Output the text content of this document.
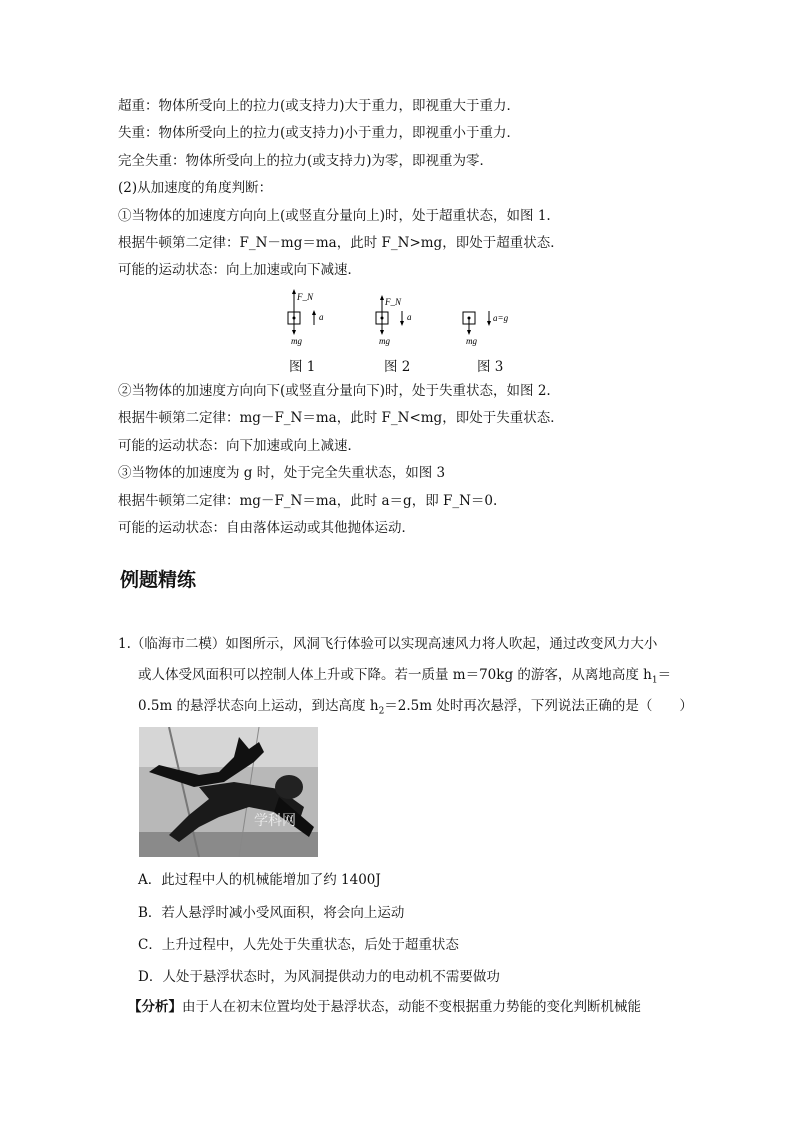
超重：物体所受向上的拉力(或支持力)大于重力，即视重大于重力．
失重：物体所受向上的拉力(或支持力)小于重力，即视重小于重力．
完全失重：物体所受向上的拉力(或支持力)为零，即视重为零．
(2)从加速度的角度判断：
①当物体的加速度方向向上(或竖直分量向上)时，处于超重状态，如图 1.
根据牛顿第二定律：F_N－mg＝ma，此时 F_N>mg，即处于超重状态．
可能的运动状态：向上加速或向下减速．
F_N
a
mg
F_N
a
mg
a=g
mg
图 1	图 2	图 3
②当物体的加速度方向向下(或竖直分量向下)时，处于失重状态，如图 2.
根据牛顿第二定律：mg－F_N＝ma，此时 F_N<mg，即处于失重状态．
可能的运动状态：向下加速或向上减速．
③当物体的加速度为 g 时，处于完全失重状态，如图 3
根据牛顿第二定律：mg－F_N＝ma，此时 a＝g，即 F_N＝0.
可能的运动状态：自由落体运动或其他抛体运动．
例题精练
1.（临海市二模）如图所示，风洞飞行体验可以实现高速风力将人吹起，通过改变风力大小
或人体受风面积可以控制人体上升或下降。若一质量 m＝70kg 的游客，从离地高度 $h_1=$
0.5m 的悬浮状态向上运动，到达高度 $h_2=2.5m$ 处时再次悬浮，下列说法正确的是（　　）
学科网
A．此过程中人的机械能增加了约 1400J
B．若人悬浮时减小受风面积，将会向上运动
C．上升过程中，人先处于失重状态，后处于超重状态
D．人处于悬浮状态时，为风洞提供动力的电动机不需要做功
【分析】由于人在初末位置均处于悬浮状态，动能不变根据重力势能的变化判断机械能
